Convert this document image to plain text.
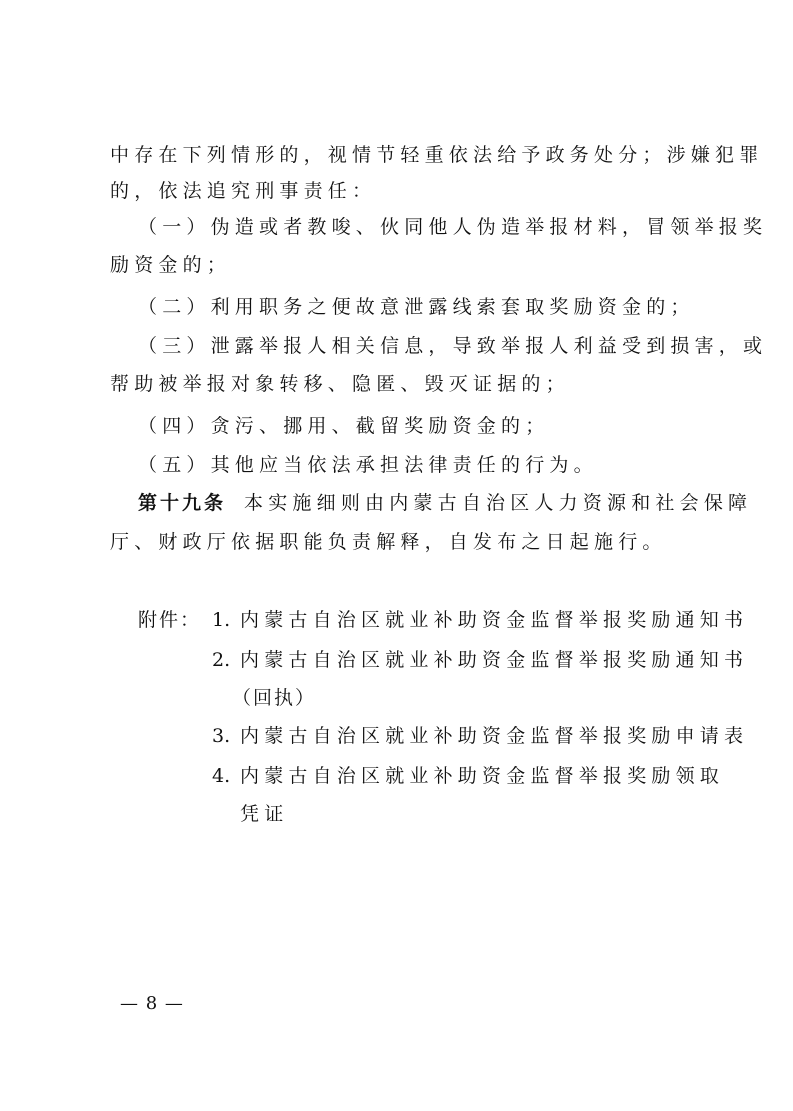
中存在下列情形的，视情节轻重依法给予政务处分；涉嫌犯罪
的，依法追究刑事责任：
（一）伪造或者教唆、伙同他人伪造举报材料，冒领举报奖
励资金的；
（二）利用职务之便故意泄露线索套取奖励资金的；
（三）泄露举报人相关信息，导致举报人利益受到损害，或
帮助被举报对象转移、隐匿、毁灭证据的；
（四）贪污、挪用、截留奖励资金的；
（五）其他应当依法承担法律责任的行为。
第十九条 本实施细则由内蒙古自治区人力资源和社会保障
厅、财政厅依据职能负责解释，自发布之日起施行。
附件： 1. 内蒙古自治区就业补助资金监督举报奖励通知书
2. 内蒙古自治区就业补助资金监督举报奖励通知书
（回执）
3. 内蒙古自治区就业补助资金监督举报奖励申请表
4. 内蒙古自治区就业补助资金监督举报奖励领取
凭证
— 8 —
